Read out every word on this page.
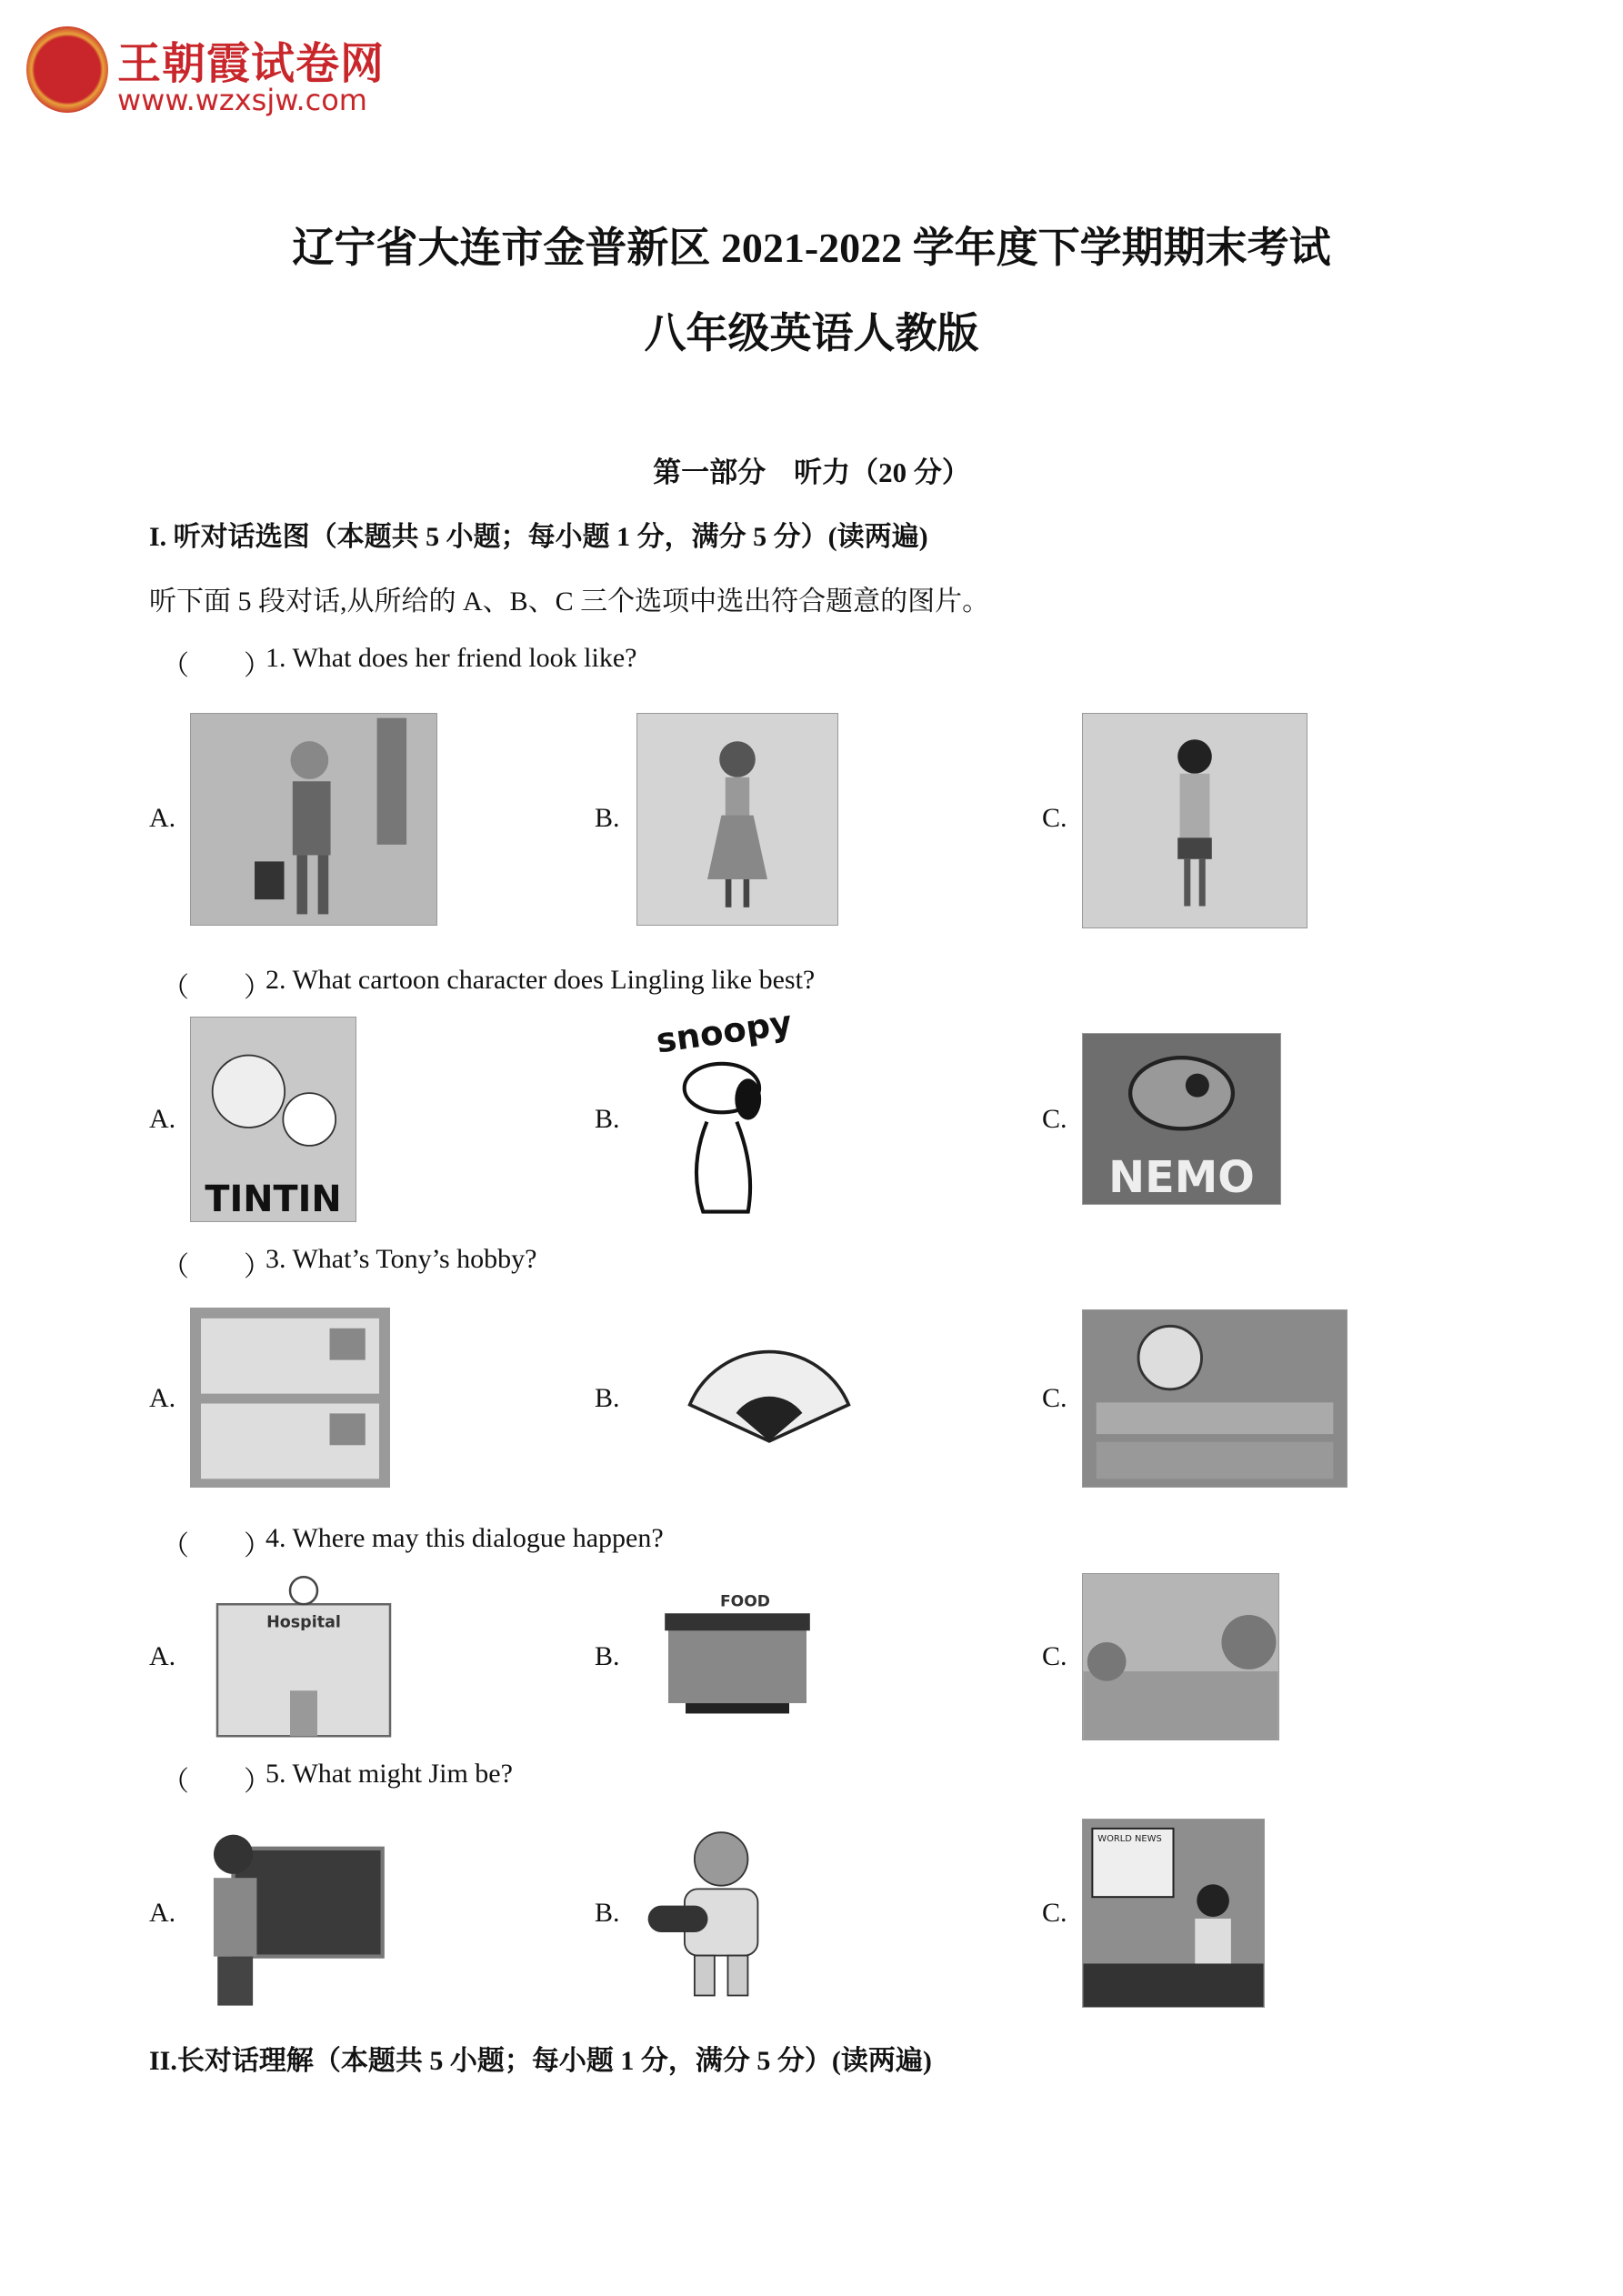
王朝霞试卷网
www.wzxsjw.com
辽宁省大连市金普新区 2021-2022 学年度下学期期末考试
八年级英语人教版
第一部分　听力（20 分）
I. 听对话选图（本题共 5 小题；每小题 1 分，满分 5 分）(读两遍)
听下面 5 段对话,从所给的 A、B、C 三个选项中选出符合题意的图片。
（　　）
1. What does her friend look like?
A.	B.	C.
（　　）
2. What cartoon character does Lingling like best?
A.	B.	C.
TINTIN
snoopy
NEMO
（　　）
3. What’s Tony’s hobby?
A.	B.	C.
（　　）
4. Where may this dialogue happen?
A.	B.	C.
Hospital
FOOD
（　　）
5. What might Jim be?
A.	B.	C.
WORLD NEWS
II.长对话理解（本题共 5 小题；每小题 1 分，满分 5 分）(读两遍)
